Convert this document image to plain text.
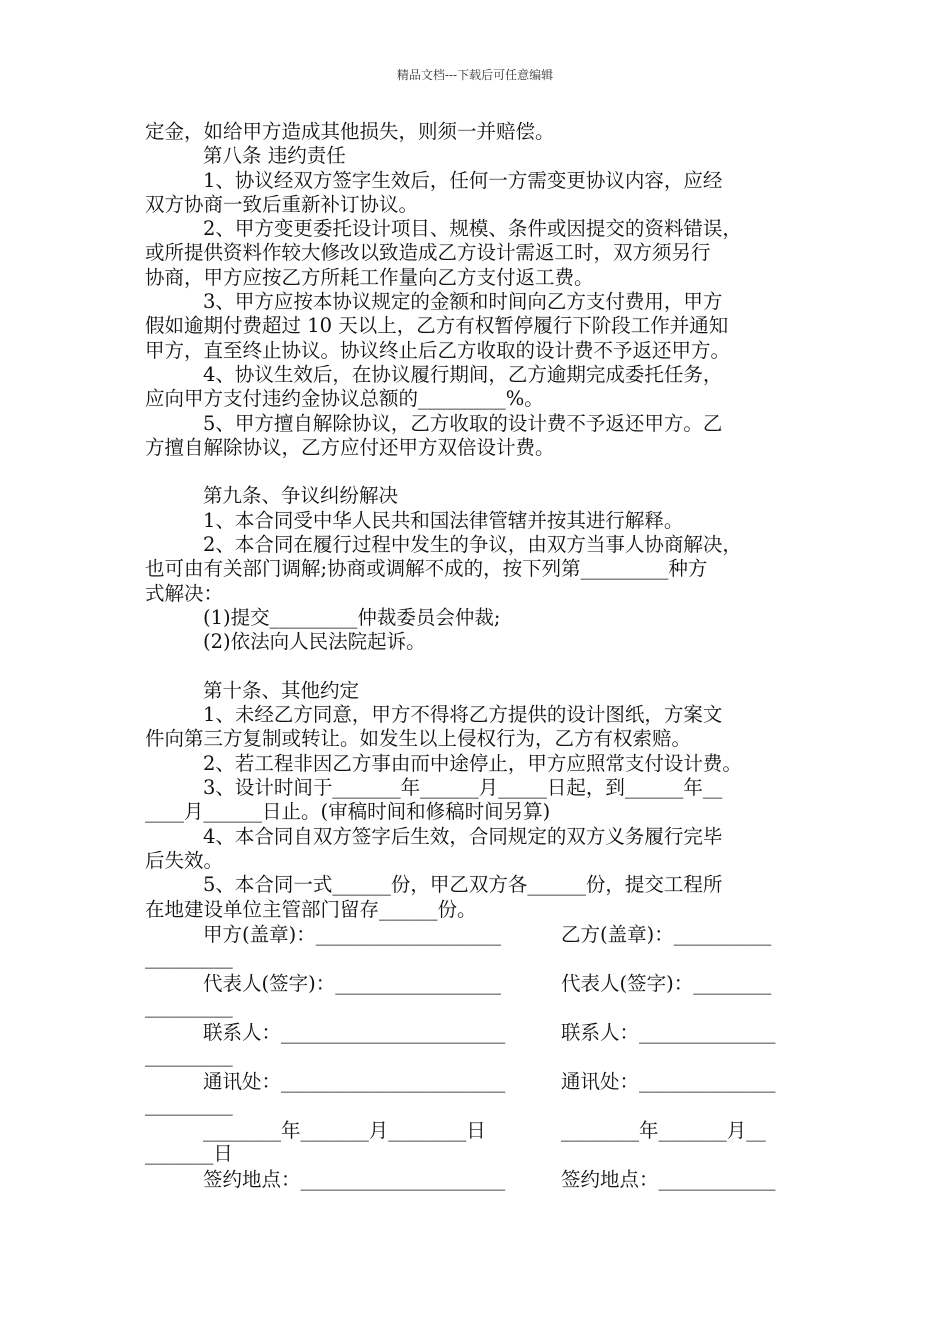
精品文档---下载后可任意编辑
定金，如给甲方造成其他损失，则须一并赔偿。
第八条 违约责任
1、协议经双方签字生效后，任何一方需变更协议内容，应经
双方协商一致后重新补订协议。
2、甲方变更委托设计项目、规模、条件或因提交的资料错误，
或所提供资料作较大修改以致造成乙方设计需返工时，双方须另行
协商，甲方应按乙方所耗工作量向乙方支付返工费。
3、甲方应按本协议规定的金额和时间向乙方支付费用，甲方
假如逾期付费超过 10 天以上，乙方有权暂停履行下阶段工作并通知
甲方，直至终止协议。协议终止后乙方收取的设计费不予返还甲方。
4、协议生效后，在协议履行期间，乙方逾期完成委托任务，
应向甲方支付违约金协议总额的_________%。
5、甲方擅自解除协议，乙方收取的设计费不予返还甲方。乙
方擅自解除协议，乙方应付还甲方双倍设计费。
第九条、争议纠纷解决
1、本合同受中华人民共和国法律管辖并按其进行解释。
2、本合同在履行过程中发生的争议，由双方当事人协商解决，
也可由有关部门调解;协商或调解不成的，按下列第_________种方
式解决：
(1)提交_________仲裁委员会仲裁;
(2)依法向人民法院起诉。
第十条、其他约定
1、未经乙方同意，甲方不得将乙方提供的设计图纸，方案文
件向第三方复制或转让。如发生以上侵权行为，乙方有权索赔。
2、若工程非因乙方事由而中途停止，甲方应照常支付设计费。
3、设计时间于_______年______月_____日起，到______年__
____月______日止。(审稿时间和修稿时间另算)
4、本合同自双方签字后生效，合同规定的双方义务履行完毕
后失效。
5、本合同一式______份，甲乙双方各______份，提交工程所
在地建设单位主管部门留存______份。
甲方(盖章)：___________________	乙方(盖章)：__________
_________
代表人(签字)：_________________	代表人(签字)：________
_________
联系人：_______________________	联系人：______________
_________
通讯处：_______________________	通讯处：______________
_________
________年_______月________日	________年_______月__
_______日
签约地点：_____________________	签约地点：____________
